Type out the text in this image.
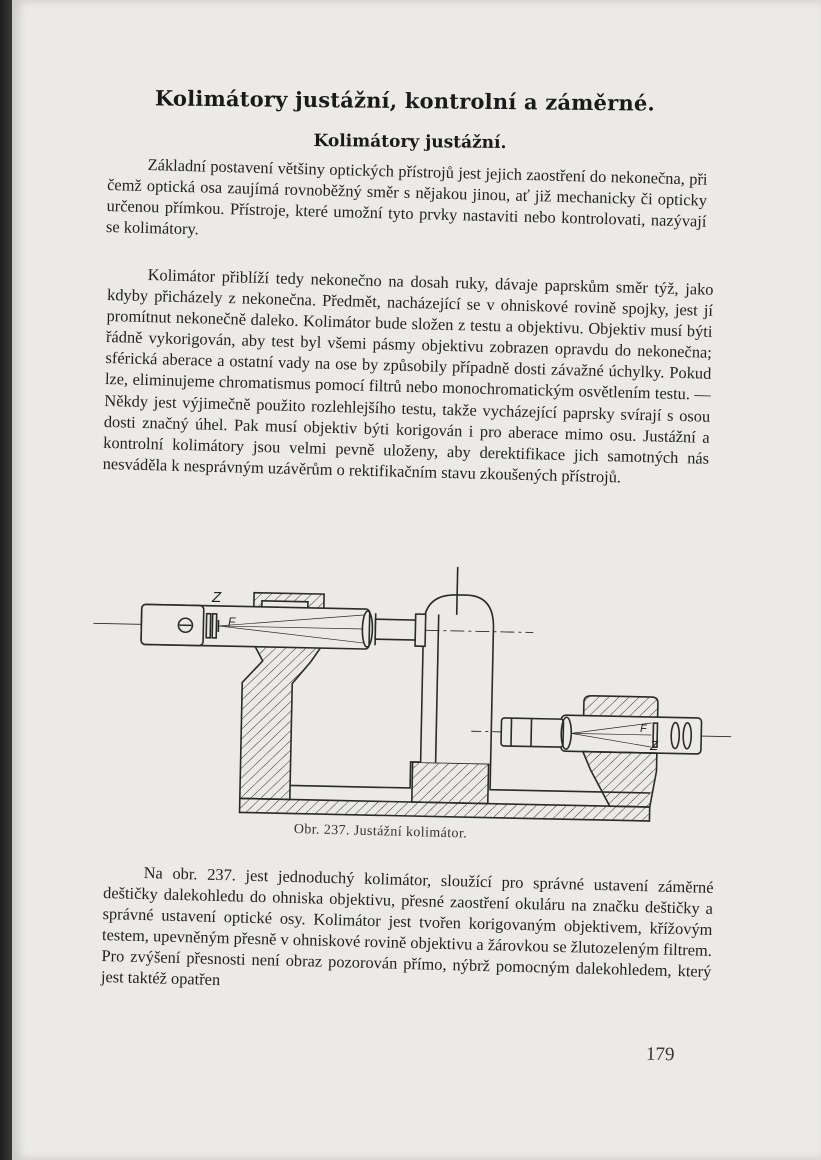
Kolimátory justážní, kontrolní a záměrné.
Kolimátory justážní.

Základní postavení většiny optických přístrojů jest jejich zaostření do nekonečna, při čemž optická osa zaujímá rovnoběžný směr s nějakou jinou, ať již mechanicky či opticky určenou přímkou. Přístroje, které umožní tyto prvky nastaviti nebo kontrolovati, nazývají se kolimátory.

Kolimátor přiblíží tedy nekonečno na dosah ruky, dávaje paprskům směr týž, jako kdyby přicházely z nekonečna. Předmět, nacházející se v ohniskové rovině spojky, jest jí promítnut nekonečně daleko. Kolimátor bude složen z testu a objektivu. Objektiv musí býti řádně vykorigován, aby test byl všemi pásmy objektivu zobrazen opravdu do nekonečna; sférická aberace a ostatní vady na ose by způsobily případně dosti závažné úchylky. Pokud lze, eliminujeme chromatismus pomocí filtrů nebo monochromatickým osvětlením testu. — Někdy jest výjimečně použito rozlehlejšího testu, takže vycházející paprsky svírají s osou dosti značný úhel. Pak musí objektiv býti korigován i pro aberace mimo osu. Justážní a kontrolní kolimátory jsou velmi pevně uloženy, aby derektifikace jich samotných nás nesváděla k nesprávným uzávěrům o rektifikačním stavu zkoušených přístrojů.

Z
F
Z
F
Obr. 237. Justážní kolimátor.

Na obr. 237. jest jednoduchý kolimátor, sloužící pro správné ustavení záměrné deštičky dalekohledu do ohniska objektivu, přesné zaostření okuláru na značku deštičky a správné ustavení optické osy. Kolimátor jest tvořen korigovaným objektivem, křížovým testem, upevněným přesně v ohniskové rovině objektivu a žárovkou se žlutozeleným filtrem. Pro zvýšení přesnosti není obraz pozorován přímo, nýbrž pomocným dalekohledem, který jest taktéž opatřen

179
